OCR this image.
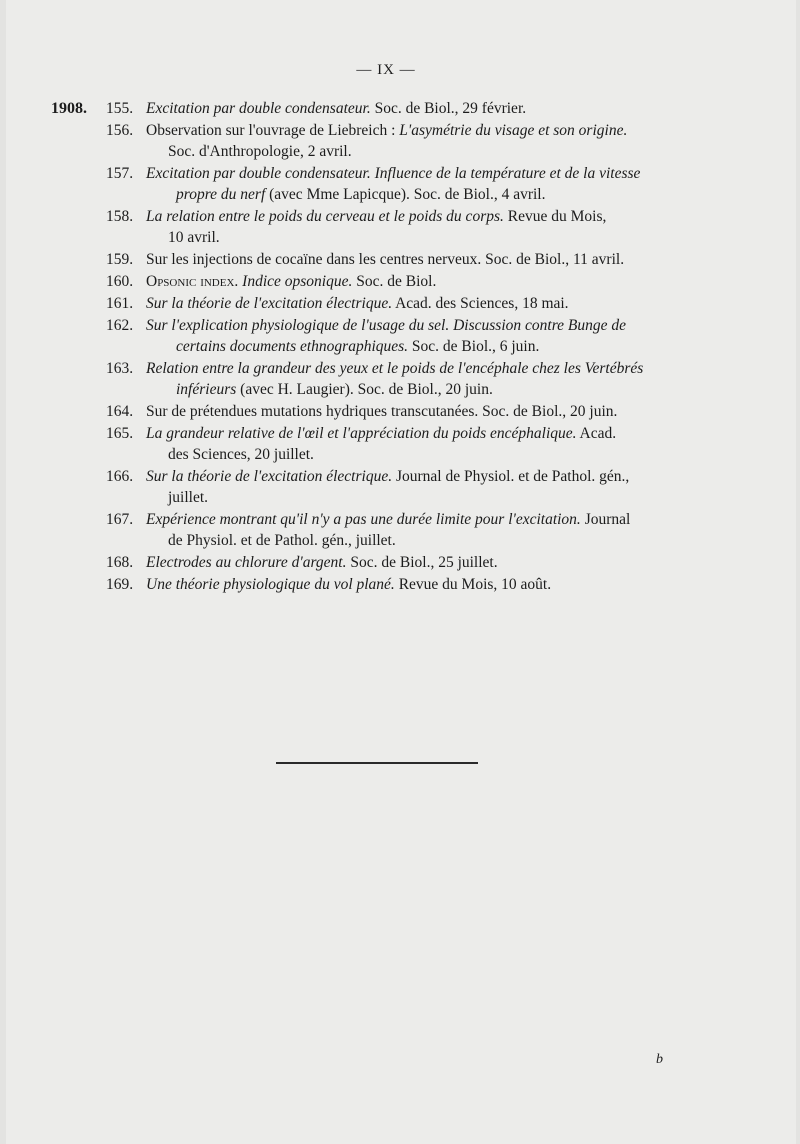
— IX —
1908. 155. Excitation par double condensateur. Soc. de Biol., 29 février.
156. Observation sur l'ouvrage de Liebreich : L'asymétrie du visage et son origine.
Soc. d'Anthropologie, 2 avril.
157. Excitation par double condensateur. Influence de la température et de la vitesse
propre du nerf (avec Mme Lapicque). Soc. de Biol., 4 avril.
158. La relation entre le poids du cerveau et le poids du corps. Revue du Mois,
10 avril.
159. Sur les injections de cocaïne dans les centres nerveux. Soc. de Biol., 11 avril.
160. Opsonic index. Indice opsonique. Soc. de Biol.
161. Sur la théorie de l'excitation électrique. Acad. des Sciences, 18 mai.
162. Sur l'explication physiologique de l'usage du sel. Discussion contre Bunge de
certains documents ethnographiques. Soc. de Biol., 6 juin.
163. Relation entre la grandeur des yeux et le poids de l'encéphale chez les Vertébrés
inférieurs (avec H. Laugier). Soc. de Biol., 20 juin.
164. Sur de prétendues mutations hydriques transcutanées. Soc. de Biol., 20 juin.
165. La grandeur relative de l'œil et l'appréciation du poids encéphalique. Acad.
des Sciences, 20 juillet.
166. Sur la théorie de l'excitation électrique. Journal de Physiol. et de Pathol. gén.,
juillet.
167. Expérience montrant qu'il n'y a pas une durée limite pour l'excitation. Journal
de Physiol. et de Pathol. gén., juillet.
168. Electrodes au chlorure d'argent. Soc. de Biol., 25 juillet.
169. Une théorie physiologique du vol plané. Revue du Mois, 10 août.
b
